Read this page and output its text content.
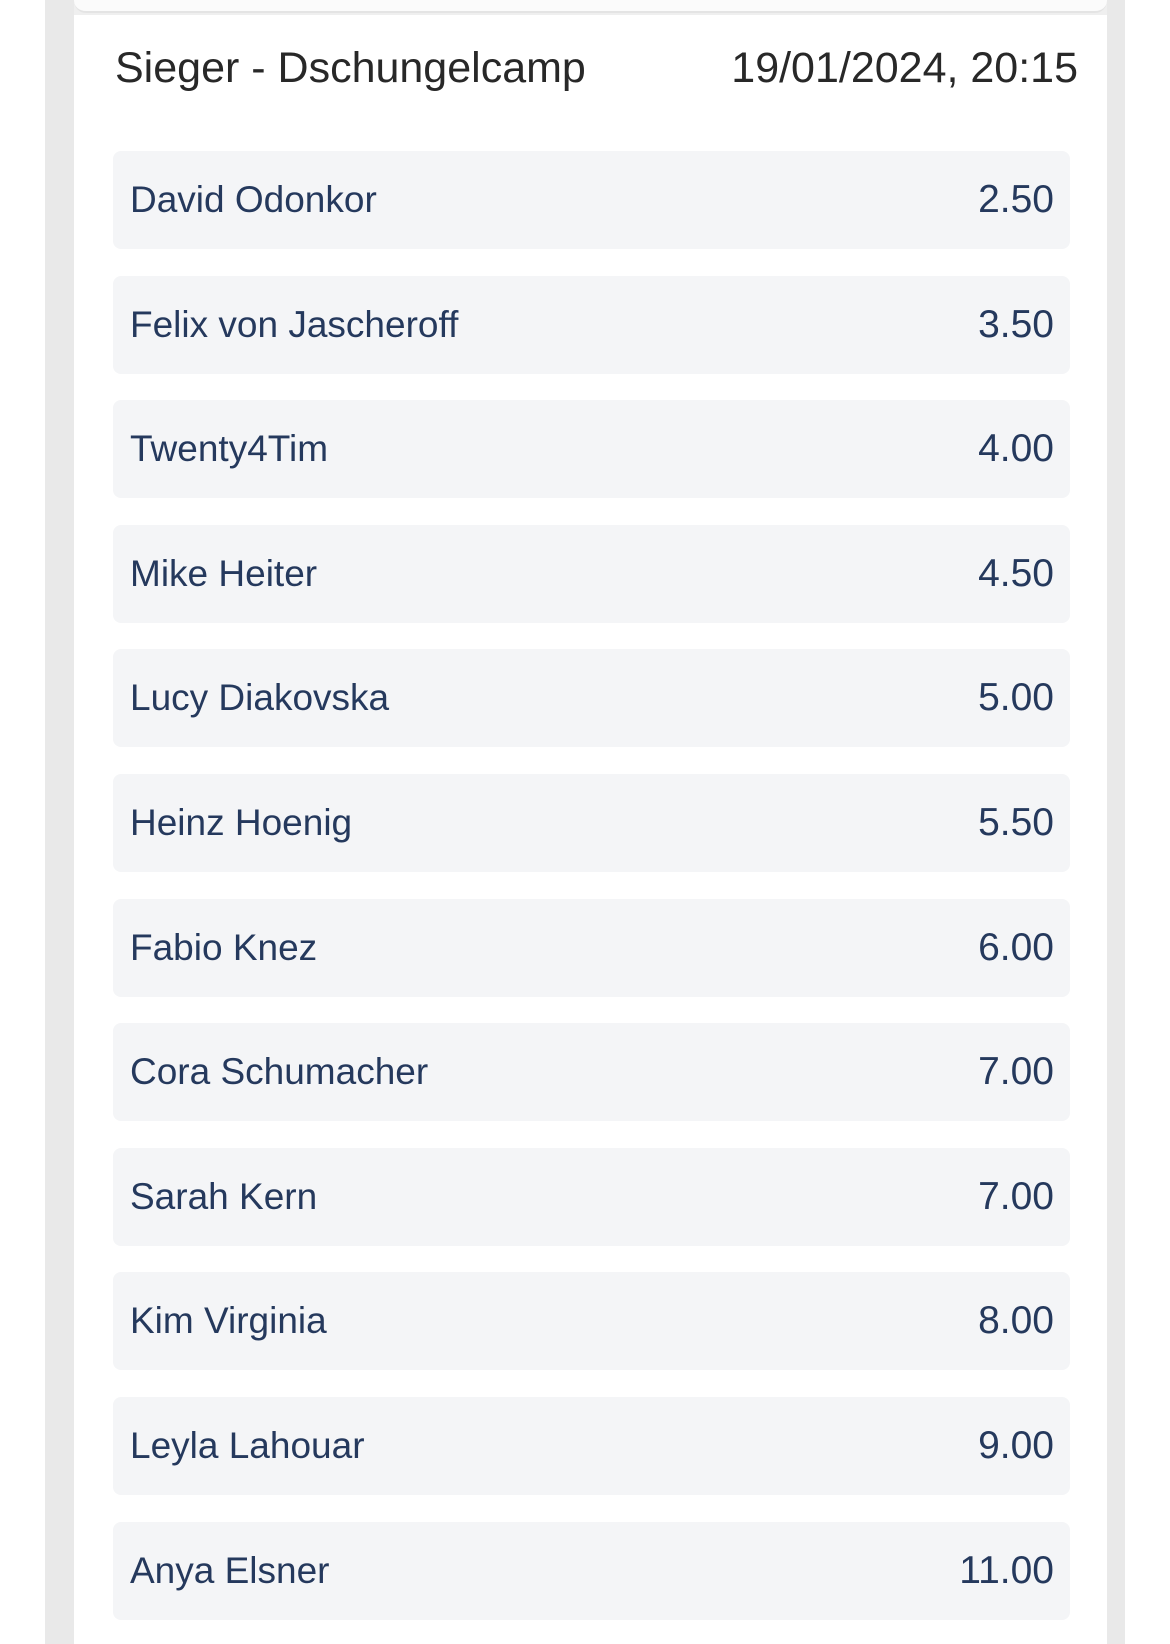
Sieger - Dschungelcamp	19/01/2024, 20:15
David Odonkor	2.50
Felix von Jascheroff	3.50
Twenty4Tim	4.00
Mike Heiter	4.50
Lucy Diakovska	5.00
Heinz Hoenig	5.50
Fabio Knez	6.00
Cora Schumacher	7.00
Sarah Kern	7.00
Kim Virginia	8.00
Leyla Lahouar	9.00
Anya Elsner	11.00
